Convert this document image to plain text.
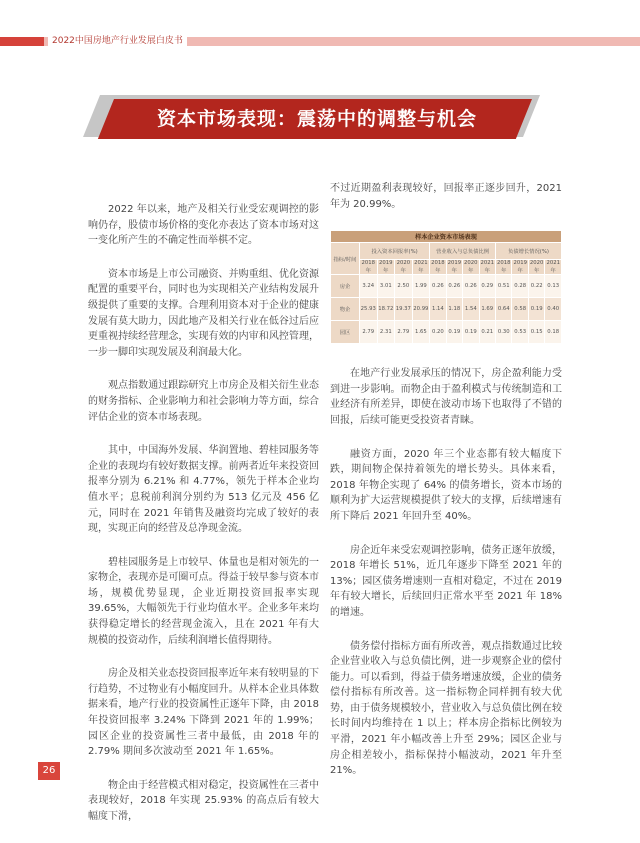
2022中国房地产行业发展白皮书
资本市场表现：震荡中的调整与机会

2022 年以来，地产及相关行业受宏观调控的影响仍存，股债市场价格的变化亦表达了资本市场对这一变化所产生的不确定性而举棋不定。

资本市场是上市公司融资、并购重组、优化资源配置的重要平台，同时也为实现相关产业结构发展升级提供了重要的支撑。合理利用资本对于企业的健康发展有莫大助力，因此地产及相关行业在低谷过后应更重视持续经营理念，实现有效的内审和风控管理，一步一脚印实现发展及利润最大化。

观点指数通过跟踪研究上市房企及相关衍生业态的财务指标、企业影响力和社会影响力等方面，综合评估企业的资本市场表现。

其中，中国海外发展、华润置地、碧桂园服务等企业的表现均有较好数据支撑。前两者近年来投资回报率分别为 6.21% 和 4.77%，领先于样本企业均值水平；息税前利润分别约为 513 亿元及 456 亿元，同时在 2021 年销售及融资均完成了较好的表现，实现正向的经营及总净现金流。

碧桂园服务是上市较早、体量也是相对领先的一家物企，表现亦是可圈可点。得益于较早参与资本市场，规模优势显现，企业近期投资回报率实现 39.65%，大幅领先于行业均值水平。企业多年来均获得稳定增长的经营现金流入，且在 2021 年有大规模的投资动作，后续利润增长值得期待。

房企及相关业态投资回报率近年来有较明显的下行趋势，不过物业有小幅度回升。从样本企业具体数据来看，地产行业的投资属性正逐年下降，由 2018 年投资回报率 3.24% 下降到 2021 年的 1.99%；园区企业的投资属性三者中最低，由 2018 年的 2.79% 期间多次波动至 2021 年 1.65%。

物企由于经营模式相对稳定，投资属性在三者中表现较好，2018 年实现 25.93% 的高点后有较大幅度下滑，

不过近期盈利表现较好，回报率正逐步回升，2021 年为 20.99%。

样本企业资本市场表现												
指标/时间	投入资本回报率(%)				营业收入与总负债比例				负债增长情况(%)			
	2018年	2019年	2020年	2021年	2018年	2019年	2020年	2021年	2018年	2019年	2020年	2021年
房企	3.24	3.01	2.50	1.99	0.26	0.26	0.26	0.29	0.51	0.28	0.22	0.13
物企	25.93	18.72	19.37	20.99	1.14	1.18	1.54	1.69	0.64	0.58	0.19	0.40
园区	2.79	2.31	2.79	1.65	0.20	0.19	0.19	0.21	0.30	0.53	0.15	0.18

在地产行业发展承压的情况下，房企盈利能力受到进一步影响。而物企由于盈利模式与传统制造和工业经济有所差异，即使在波动市场下也取得了不错的回报，后续可能更受投资者青睐。

融资方面，2020 年三个业态都有较大幅度下跌，期间物企保持着领先的增长势头。具体来看，2018 年物企实现了 64% 的债务增长，资本市场的顺利为扩大运营规模提供了较大的支撑，后续增速有所下降后 2021 年回升至 40%。

房企近年来受宏观调控影响，债务正逐年放缓，2018 年增长 51%，近几年逐步下降至 2021 年的 13%；园区债务增速则一直相对稳定，不过在 2019 年有较大增长，后续回归正常水平至 2021 年 18% 的增速。

债务偿付指标方面有所改善，观点指数通过比较企业营业收入与总负债比例，进一步观察企业的偿付能力。可以看到，得益于债务增速放缓，企业的债务偿付指标有所改善。这一指标物企同样拥有较大优势，由于债务规模较小，营业收入与总负债比例在较长时间内均维持在 1 以上；样本房企指标比例较为平滑，2021 年小幅改善上升至 29%；园区企业与房企相差较小，指标保持小幅波动，2021 年升至 21%。

26
